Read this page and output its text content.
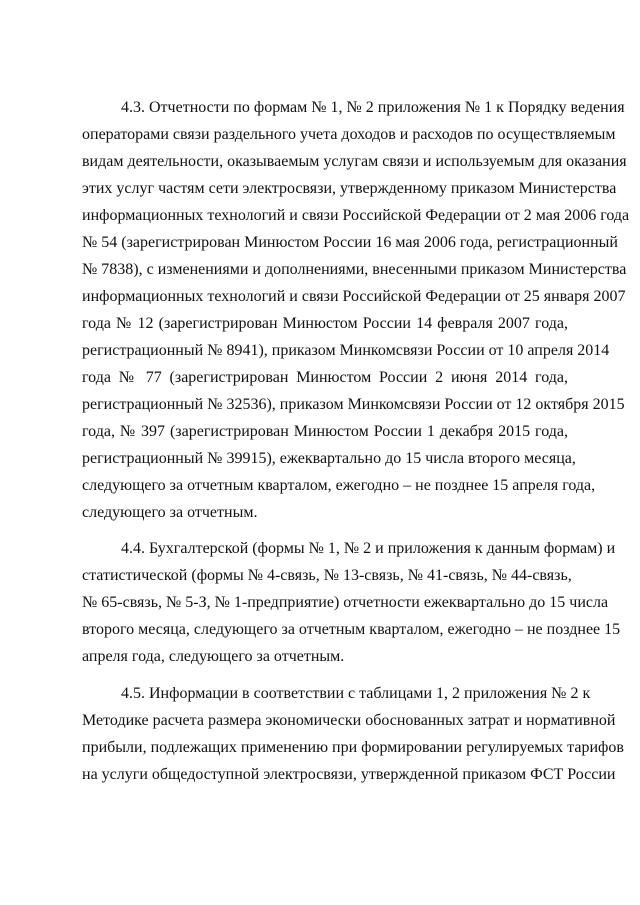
4.3. Отчетности по формам № 1, № 2 приложения № 1 к Порядку ведения
операторами связи раздельного учета доходов и расходов по осуществляемым
видам деятельности, оказываемым услугам связи и используемым для оказания
этих услуг частям сети электросвязи, утвержденному приказом Министерства
информационных технологий и связи Российской Федерации от 2 мая 2006 года
№ 54 (зарегистрирован Минюстом России 16 мая 2006 года, регистрационный
№ 7838), с изменениями и дополнениями, внесенными приказом Министерства
информационных технологий и связи Российской Федерации от 25 января 2007
года № 12 (зарегистрирован Минюстом России 14 февраля 2007 года,
регистрационный № 8941), приказом Минкомсвязи России от 10 апреля 2014
года № 77 (зарегистрирован Минюстом России 2 июня 2014 года,
регистрационный № 32536), приказом Минкомсвязи России от 12 октября 2015
года, № 397 (зарегистрирован Минюстом России 1 декабря 2015 года,
регистрационный № 39915), ежеквартально до 15 числа второго месяца,
следующего за отчетным кварталом, ежегодно – не позднее 15 апреля года,
следующего за отчетным.
4.4. Бухгалтерской (формы № 1, № 2 и приложения к данным формам) и
статистической (формы № 4-связь, № 13-связь, № 41-связь, № 44-связь,
№ 65-связь, № 5-З, № 1-предприятие) отчетности ежеквартально до 15 числа
второго месяца, следующего за отчетным кварталом, ежегодно – не позднее 15
апреля года, следующего за отчетным.
4.5. Информации в соответствии с таблицами 1, 2 приложения № 2 к
Методике расчета размера экономически обоснованных затрат и нормативной
прибыли, подлежащих применению при формировании регулируемых тарифов
на услуги общедоступной электросвязи, утвержденной приказом ФСТ России
